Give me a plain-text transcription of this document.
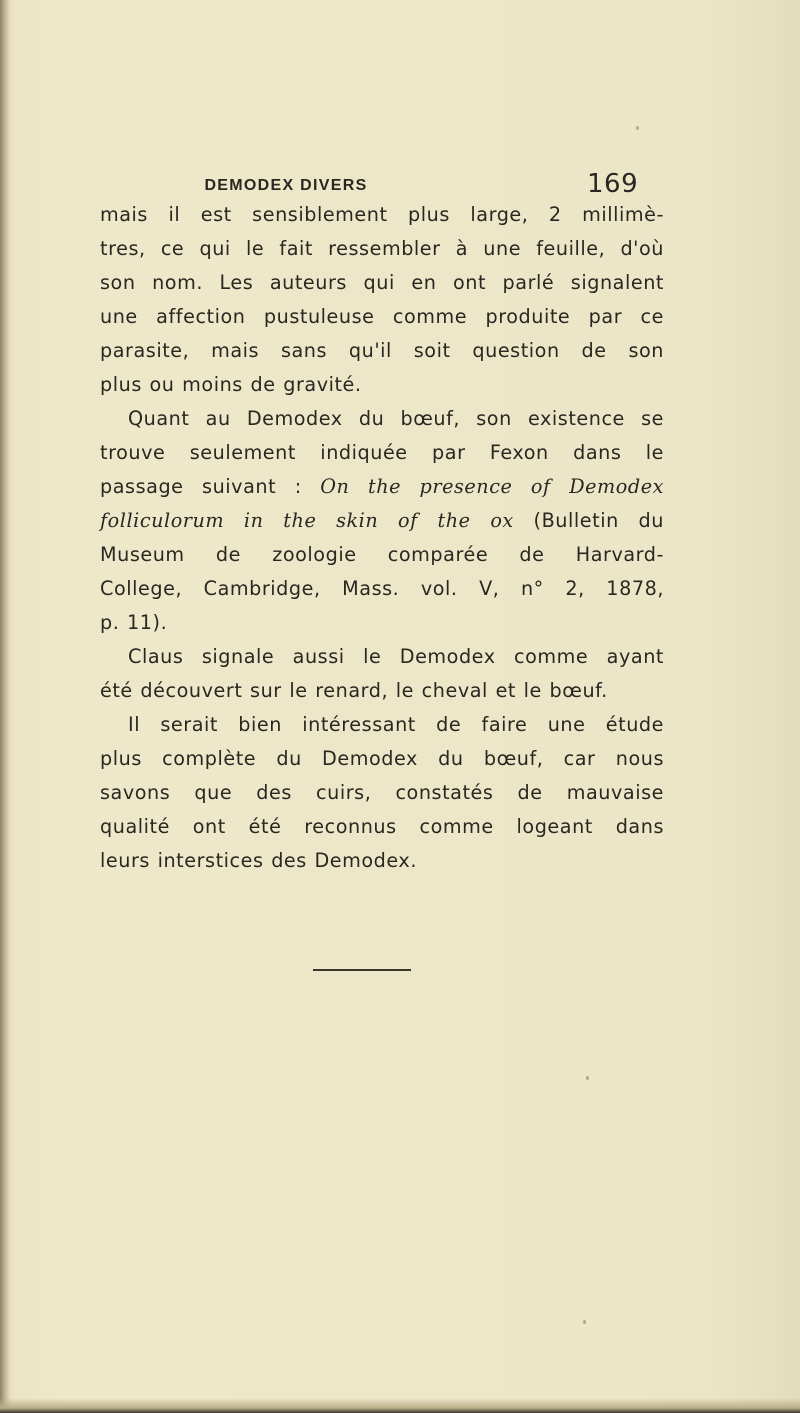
DEMODEX DIVERS	169
mais il est sensiblement plus large, 2 millimè-
tres, ce qui le fait ressembler à une feuille, d'où
son nom. Les auteurs qui en ont parlé signalent
une affection pustuleuse comme produite par ce
parasite, mais sans qu'il soit question de son
plus ou moins de gravité.
Quant au Demodex du bœuf, son existence se
trouve seulement indiquée par Fexon dans le
passage suivant : On the presence of Demodex
folliculorum in the skin of the ox (Bulletin du
Museum de zoologie comparée de Harvard-
College, Cambridge, Mass. vol. V, n° 2, 1878,
p. 11).
Claus signale aussi le Demodex comme ayant
été découvert sur le renard, le cheval et le bœuf.
Il serait bien intéressant de faire une étude
plus complète du Demodex du bœuf, car nous
savons que des cuirs, constatés de mauvaise
qualité ont été reconnus comme logeant dans
leurs interstices des Demodex.
